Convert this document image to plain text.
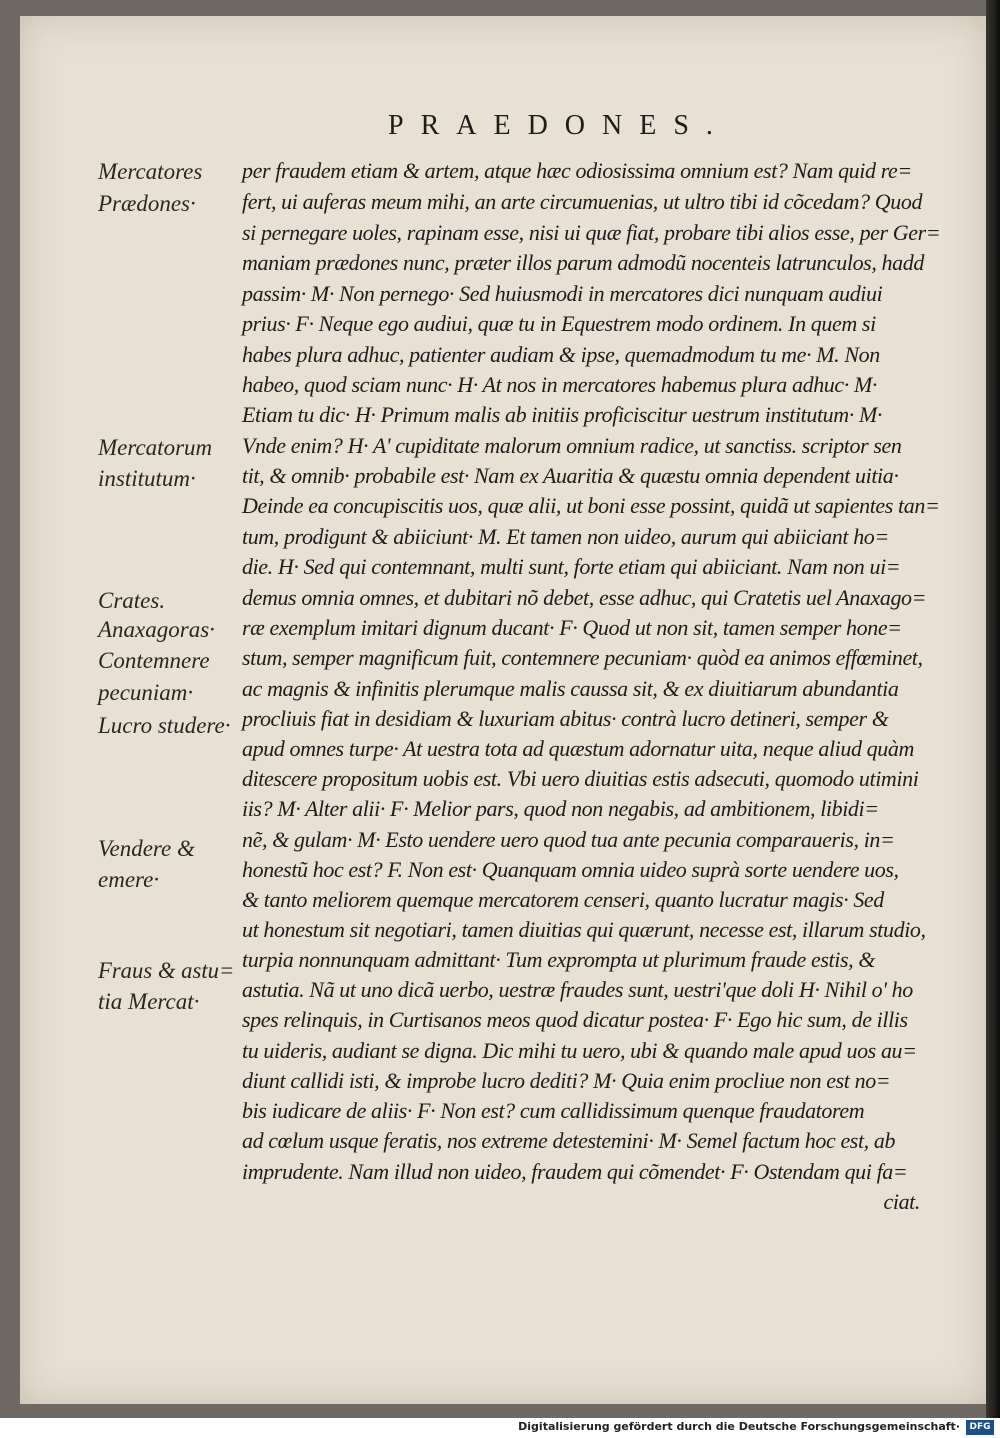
PRAEDONES.
Mercatores
Prædones·
Mercatorum
institutum·
Crates.
Anaxagoras·
Contemnere
pecuniam·
Lucro studere·
Vendere &
emere·
Fraus & astu=
tia Mercat·
per fraudem etiam & artem, atque hæc odiosissima omnium est? Nam quid re=
fert, ui auferas meum mihi, an arte circumuenias, ut ultro tibi id cõcedam? Quod
si pernegare uoles, rapinam esse, nisi ui quæ fiat, probare tibi alios esse, per Ger=
maniam prædones nunc, præter illos parum admodũ nocenteis latrunculos, hadd
passim· M· Non pernego· Sed huiusmodi in mercatores dici nunquam audiui
prius· F· Neque ego audiui, quæ tu in Equestrem modo ordinem. In quem si
habes plura adhuc, patienter audiam & ipse, quemadmodum tu me· M. Non
habeo, quod sciam nunc· H· At nos in mercatores habemus plura adhuc· M·
Etiam tu dic· H· Primum malis ab initiis proficiscitur uestrum institutum· M·
Vnde enim? H· A' cupiditate malorum omnium radice, ut sanctiss. scriptor sen
tit, & omnib· probabile est· Nam ex Auaritia & quæstu omnia dependent uitia·
Deinde ea concupiscitis uos, quæ alii, ut boni esse possint, quidã ut sapientes tan=
tum, prodigunt & abiiciunt· M. Et tamen non uideo, aurum qui abiiciant ho=
die. H· Sed qui contemnant, multi sunt, forte etiam qui abiiciant. Nam non ui=
demus omnia omnes, et dubitari nõ debet, esse adhuc, qui Cratetis uel Anaxago=
ræ exemplum imitari dignum ducant· F· Quod ut non sit, tamen semper hone=
stum, semper magnificum fuit, contemnere pecuniam· quòd ea animos effœminet,
ac magnis & infinitis plerumque malis caussa sit, & ex diuitiarum abundantia
procliuis fiat in desidiam & luxuriam abitus· contrà lucro detineri, semper &
apud omnes turpe· At uestra tota ad quæstum adornatur uita, neque aliud quàm
ditescere propositum uobis est. Vbi uero diuitias estis adsecuti, quomodo utimini
iis? M· Alter alii· F· Melior pars, quod non negabis, ad ambitionem, libidi=
nẽ, & gulam· M· Esto uendere uero quod tua ante pecunia comparaueris, in=
honestũ hoc est? F. Non est· Quanquam omnia uideo suprà sorte uendere uos,
& tanto meliorem quemque mercatorem censeri, quanto lucratur magis· Sed
ut honestum sit negotiari, tamen diuitias qui quærunt, necesse est, illarum studio,
turpia nonnunquam admittant· Tum exprompta ut plurimum fraude estis, &
astutia. Nã ut uno dicã uerbo, uestræ fraudes sunt, uestri'que doli H· Nihil o' ho
spes relinquis, in Curtisanos meos quod dicatur postea· F· Ego hic sum, de illis
tu uideris, audiant se digna. Dic mihi tu uero, ubi & quando male apud uos au=
diunt callidi isti, & improbe lucro dediti? M· Quia enim procliue non est no=
bis iudicare de aliis· F· Non est? cum callidissimum quenque fraudatorem
ad cœlum usque feratis, nos extreme detestemini· M· Semel factum hoc est, ab
imprudente. Nam illud non uideo, fraudem qui cõmendet· F· Ostendam qui fa=
ciat.
Digitalisierung gefördert durch die Deutsche Forschungsgemeinschaft·	DFG
